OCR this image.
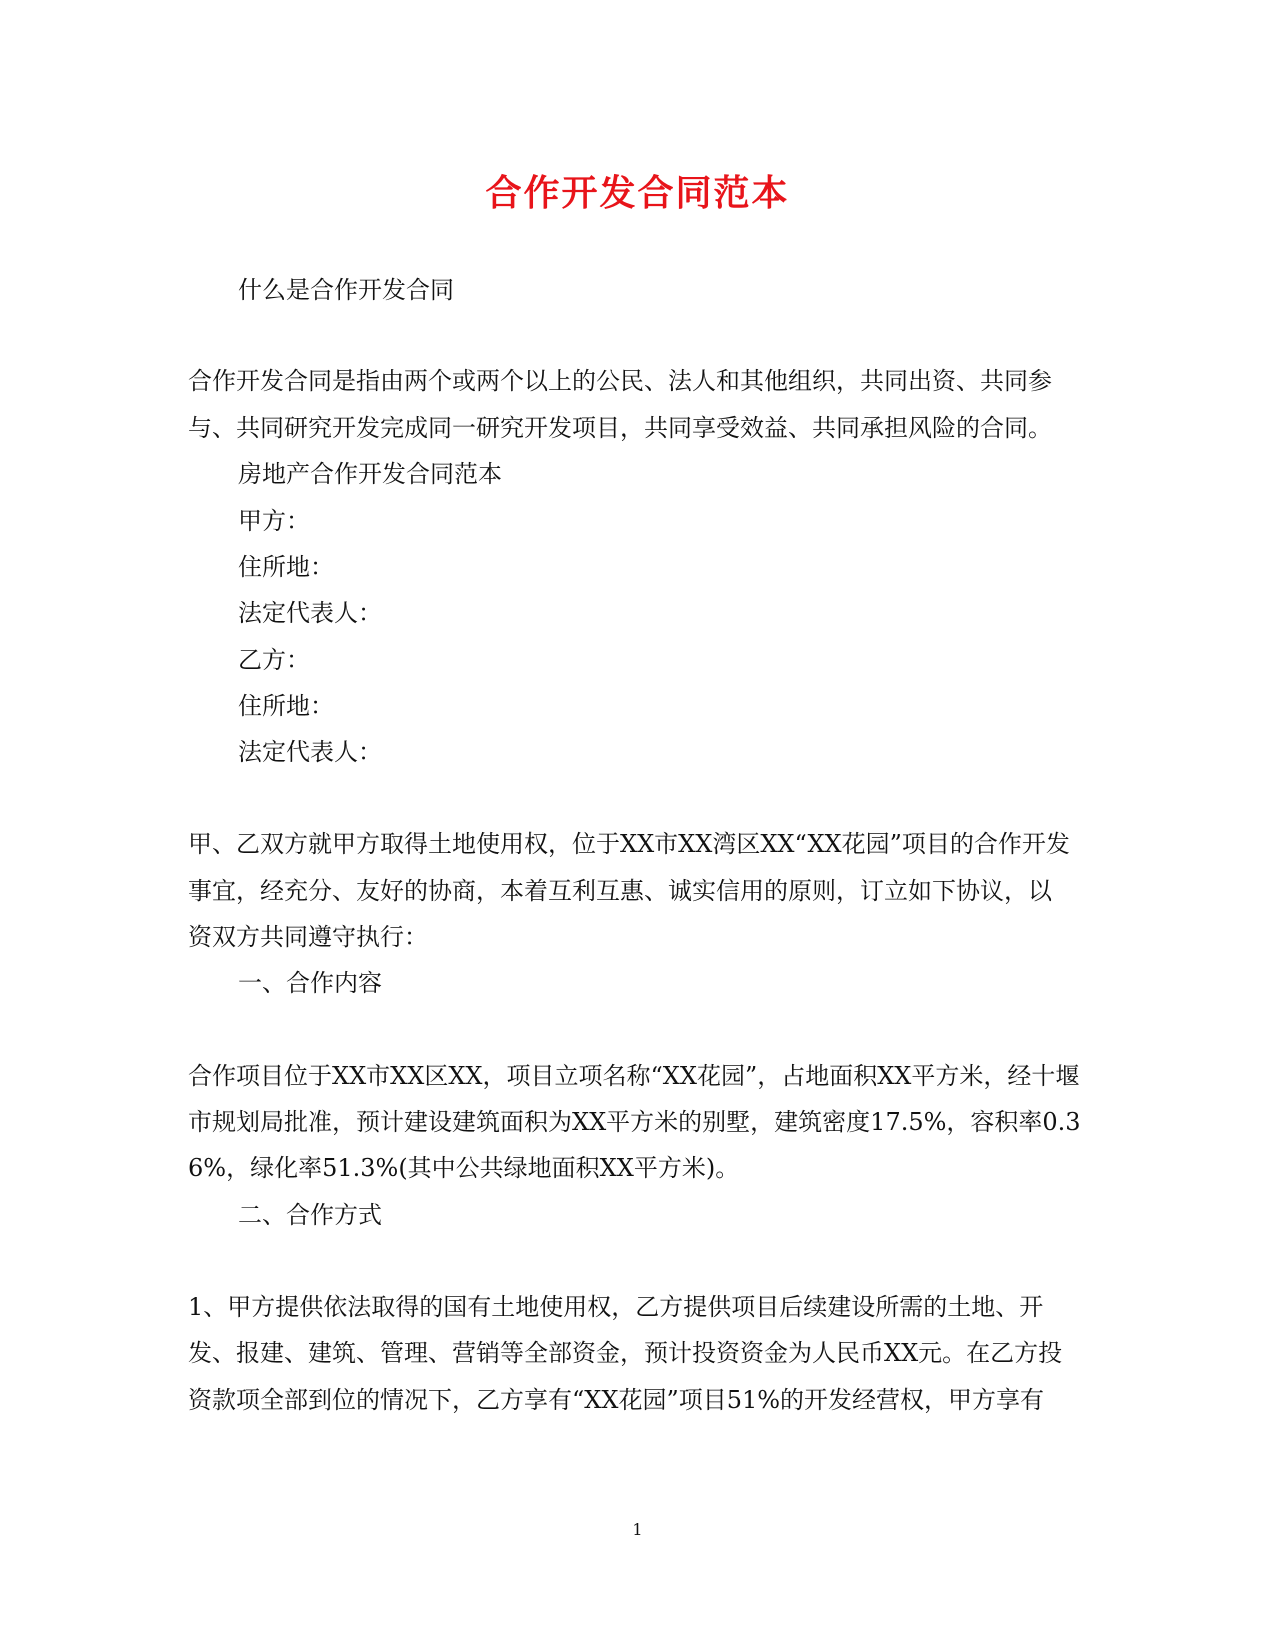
合作开发合同范本
什么是合作开发合同
合作开发合同是指由两个或两个以上的公民、法人和其他组织，共同出资、共同参
与、共同研究开发完成同一研究开发项目，共同享受效益、共同承担风险的合同。
房地产合作开发合同范本
甲方：
住所地：
法定代表人：
乙方：
住所地：
法定代表人：
甲、乙双方就甲方取得土地使用权，位于XX市XX湾区XX“XX花园”项目的合作开发
事宜，经充分、友好的协商，本着互利互惠、诚实信用的原则，订立如下协议，以
资双方共同遵守执行：
一、合作内容
合作项目位于XX市XX区XX，项目立项名称“XX花园”，占地面积XX平方米，经十堰
市规划局批准，预计建设建筑面积为XX平方米的别墅，建筑密度17.5%，容积率0.3
6%，绿化率51.3%(其中公共绿地面积XX平方米)。
二、合作方式
1、甲方提供依法取得的国有土地使用权，乙方提供项目后续建设所需的土地、开
发、报建、建筑、管理、营销等全部资金，预计投资资金为人民币XX元。在乙方投
资款项全部到位的情况下，乙方享有“XX花园”项目51%的开发经营权，甲方享有
1
